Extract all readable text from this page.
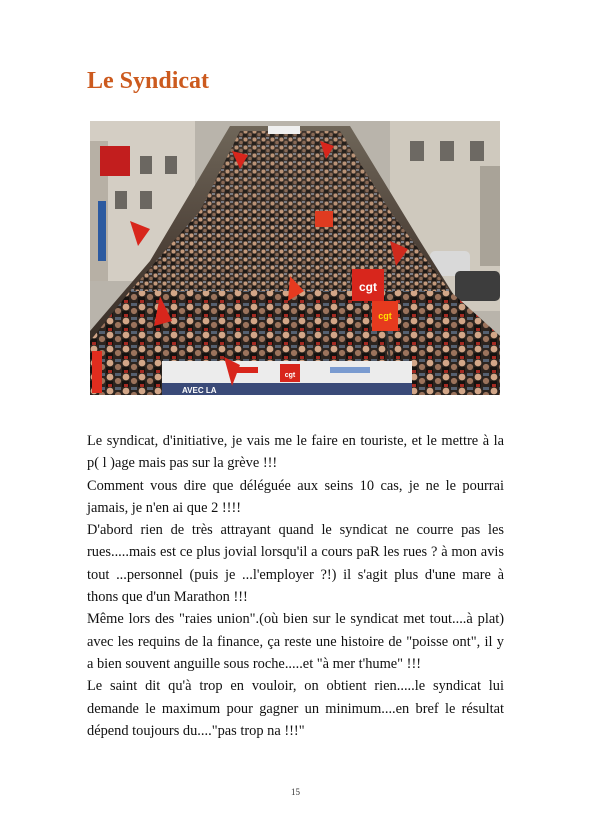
Le Syndicat
cgt
cgt
AVEC LA
cgt

Le syndicat, d'initiative, je vais me le faire en touriste, et le mettre à la p( l )age mais pas sur la grève !!!

Comment vous dire que déléguée aux seins 10 cas, je ne le pourrai jamais, je n'en ai que 2 !!!!

D'abord rien de très attrayant quand le syndicat ne courre pas les rues.....mais est ce plus jovial lorsqu'il a cours paR les rues ? à mon avis tout ...personnel (puis je ...l'employer ?!) il s'agit plus d'une mare à thons que d'un Marathon !!!

Même lors des "raies union".(où bien sur le syndicat met tout....à plat) avec les requins de la finance, ça reste une histoire de "poisse ont", il y a bien souvent anguille sous roche.....et "à mer t'hume" !!!

Le saint dit qu'à trop en vouloir, on obtient rien.....le syndicat lui demande le maximum pour gagner un minimum....en bref le résultat dépend toujours du...."pas trop na !!!"

15
